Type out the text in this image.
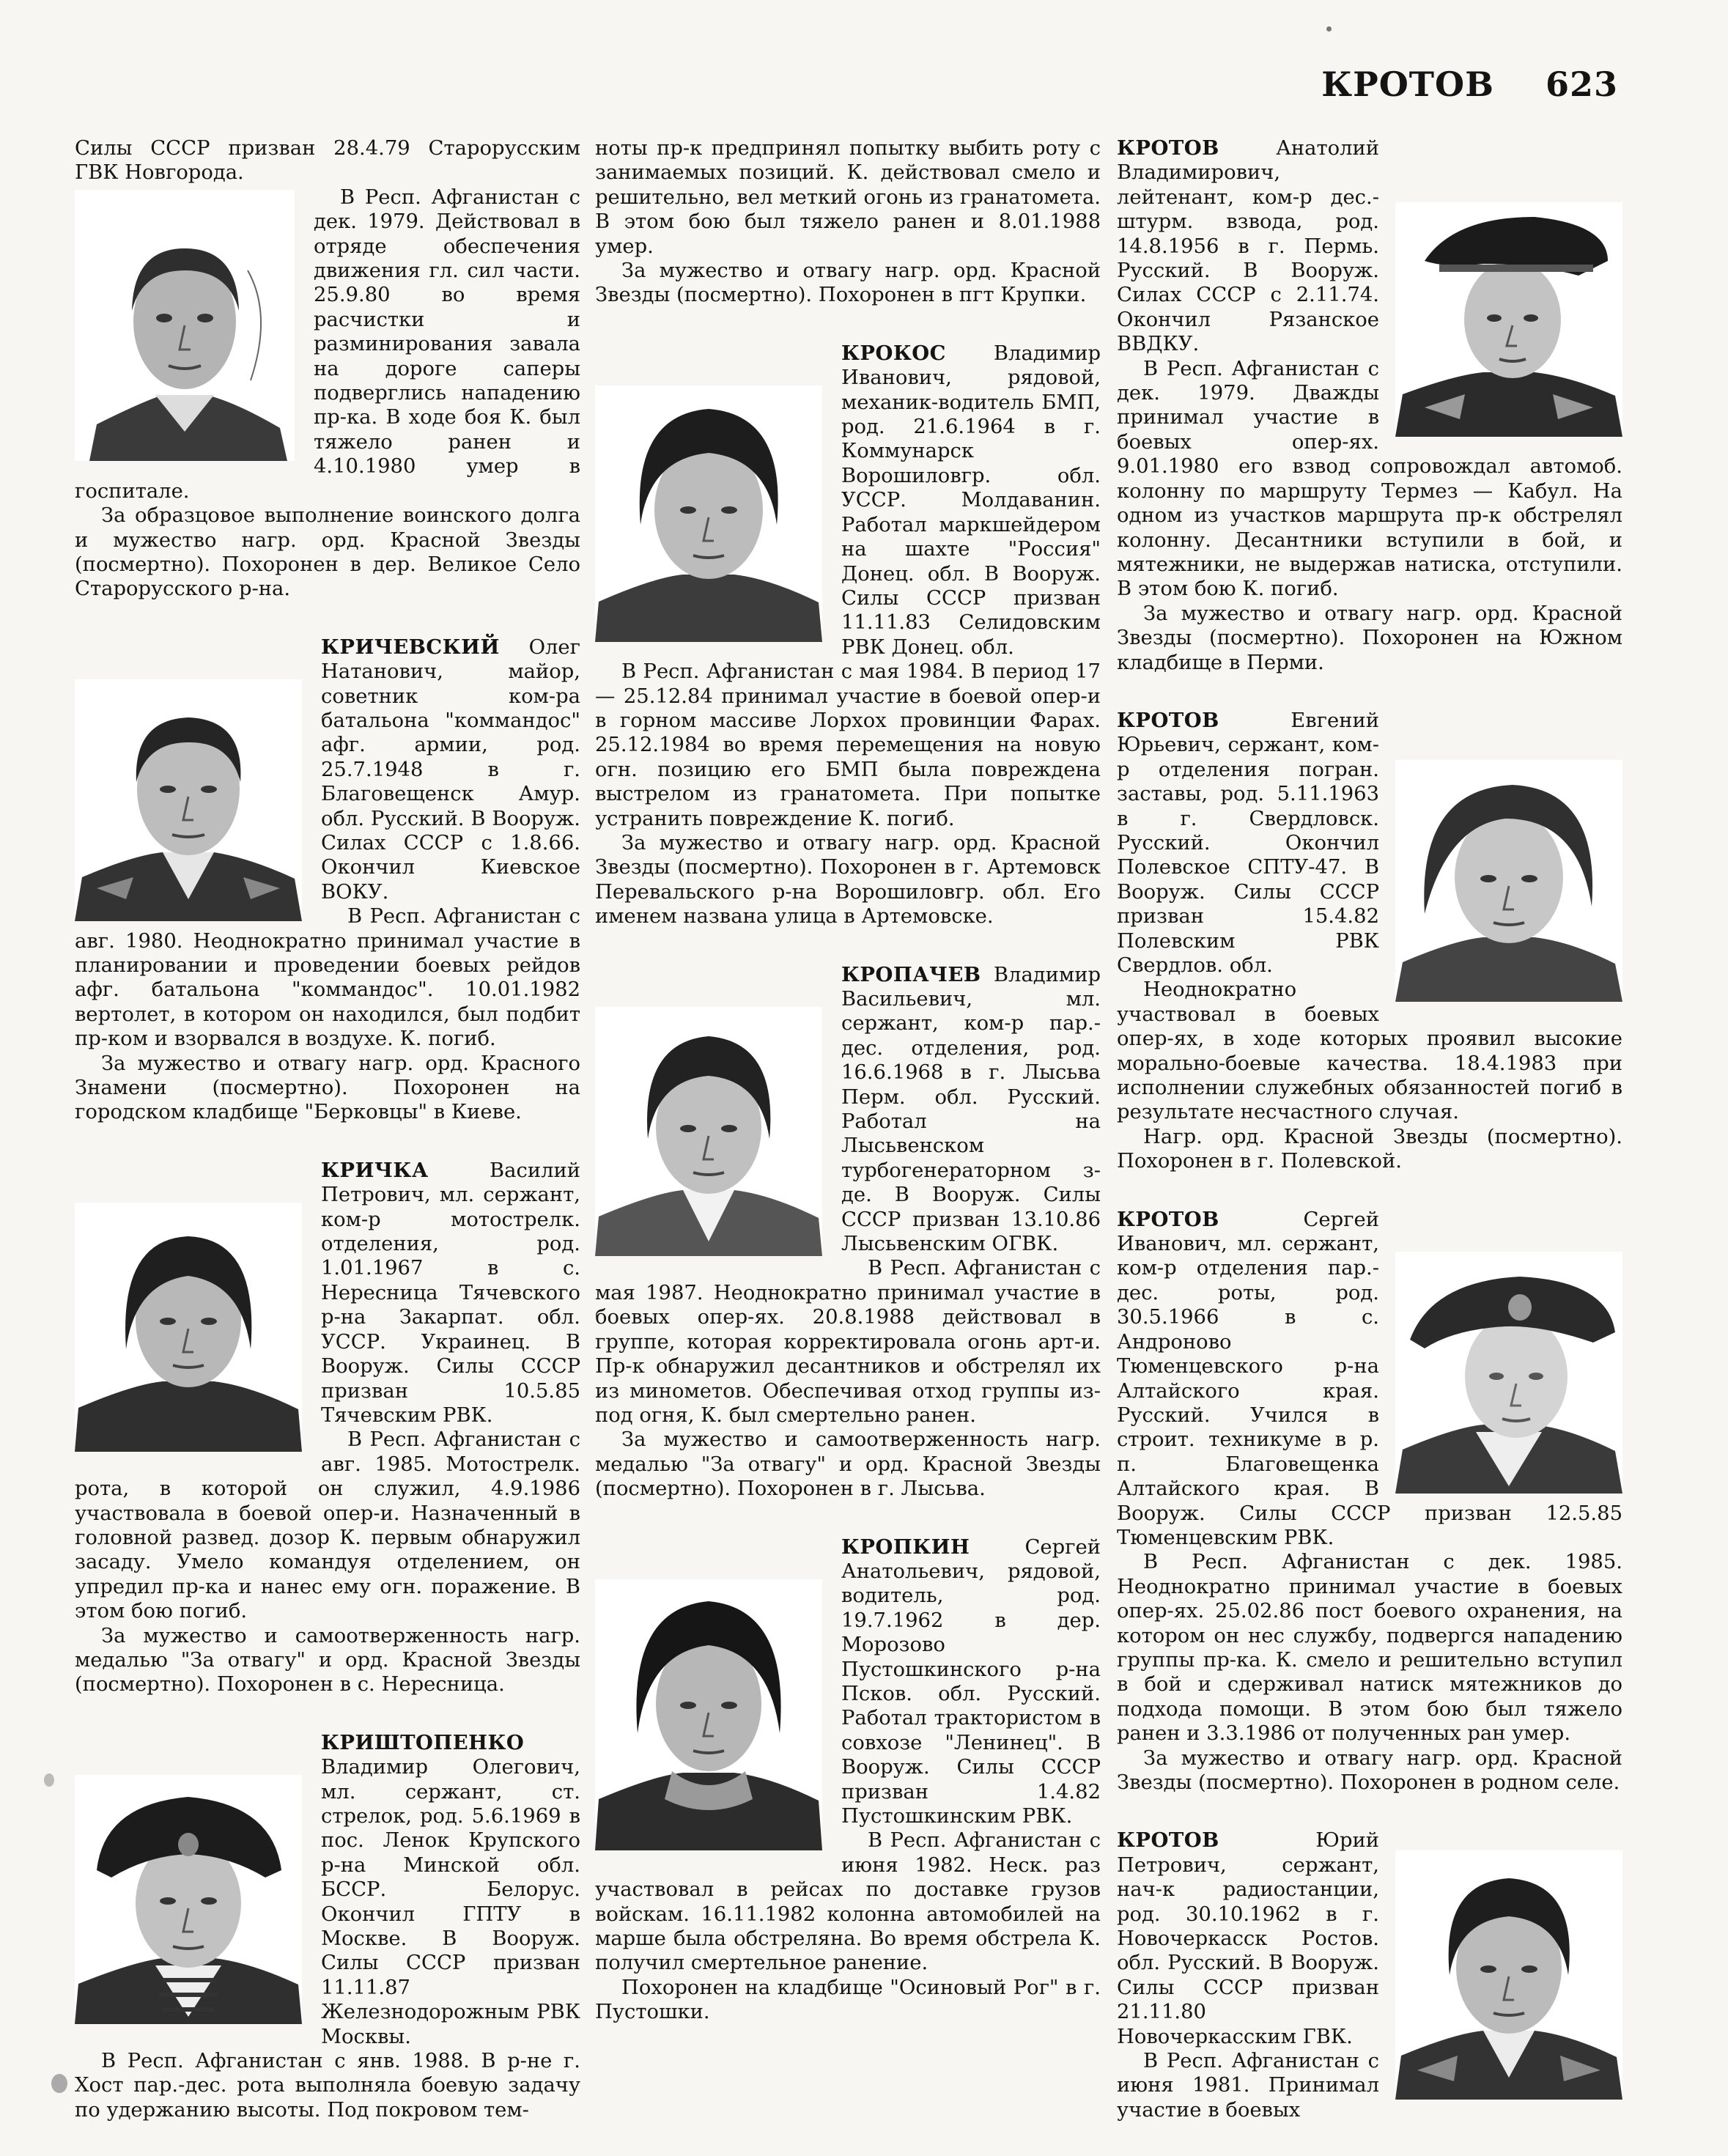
КРОТОВ 623

Силы СССР призван 28.4.79 Старорусским ГВК Новгорода.

В Респ. Афганистан с дек. 1979. Действовал в отряде обеспечения движения гл. сил части. 25.9.80 во время расчистки и разминирования завала на дороге саперы подверглись нападению пр-ка. В ходе боя К. был тяжело ранен и 4.10.1980 умер в госпитале.

За образцовое выполнение воинского долга и мужество нагр. орд. Красной Звезды (посмертно). Похоронен в дер. Великое Село Старорусского р-на.

КРИЧЕВСКИЙ Олег Натанович, майор, советник ком-ра батальона "коммандос" афг. армии, род. 25.7.1948 в г. Благовещенск Амур. обл. Русский. В Вооруж. Силах СССР с 1.8.66. Окончил Киевское ВОКУ.

В Респ. Афганистан с авг. 1980. Неоднократно принимал участие в планировании и проведении боевых рейдов афг. батальона "коммандос". 10.01.1982 вертолет, в котором он находился, был подбит пр-ком и взорвался в воздухе. К. погиб.

За мужество и отвагу нагр. орд. Красного Знамени (посмертно). Похоронен на городском кладбище "Берковцы" в Киеве.

КРИЧКА Василий Петрович, мл. сержант, ком-р мотострелк. отделения, род. 1.01.1967 в с. Нересница Тячевского р-на Закарпат. обл. УССР. Украинец. В Вооруж. Силы СССР призван 10.5.85 Тячевским РВК.

В Респ. Афганистан с авг. 1985. Мотострелк. рота, в которой он служил, 4.9.1986 участвовала в боевой опер-и. Назначенный в головной развед. дозор К. первым обнаружил засаду. Умело командуя отделением, он упредил пр-ка и нанес ему огн. поражение. В этом бою погиб.

За мужество и самоотверженность нагр. медалью "За отвагу" и орд. Красной Звезды (посмертно). Похоронен в с. Нересница.

КРИШТОПЕНКО Владимир Олегович, мл. сержант, ст. стрелок, род. 5.6.1969 в пос. Ленок Крупского р-на Минской обл. БССР. Белорус. Окончил ГПТУ в Москве. В Вооруж. Силы СССР призван 11.11.87 Железнодорожным РВК Москвы.

В Респ. Афганистан с янв. 1988. В р-не г. Хост пар.-дес. рота выполняла боевую задачу по удержанию высоты. Под покровом тем-

ноты пр-к предпринял попытку выбить роту с занимаемых позиций. К. действовал смело и решительно, вел меткий огонь из гранатомета. В этом бою был тяжело ранен и 8.01.1988 умер.

За мужество и отвагу нагр. орд. Красной Звезды (посмертно). Похоронен в пгт Крупки.

КРОКОС Владимир Иванович, рядовой, механик-водитель БМП, род. 21.6.1964 в г. Коммунарск Ворошиловгр. обл. УССР. Молдаванин. Работал маркшейдером на шахте "Россия" Донец. обл. В Вооруж. Силы СССР призван 11.11.83 Селидовским РВК Донец. обл.

В Респ. Афганистан с мая 1984. В период 17 — 25.12.84 принимал участие в боевой опер-и в горном массиве Лорхох провинции Фарах. 25.12.1984 во время перемещения на новую огн. позицию его БМП была повреждена выстрелом из гранатомета. При попытке устранить повреждение К. погиб.

За мужество и отвагу нагр. орд. Красной Звезды (посмертно). Похоронен в г. Артемовск Перевальского р-на Ворошиловгр. обл. Его именем названа улица в Артемовске.

КРОПАЧЕВ Владимир Васильевич, мл. сержант, ком-р пар.-дес. отделения, род. 16.6.1968 в г. Лысьва Перм. обл. Русский. Работал на Лысьвенском турбогенераторном з-де. В Вооруж. Силы СССР призван 13.10.86 Лысьвенским ОГВК.

В Респ. Афганистан с мая 1987. Неоднократно принимал участие в боевых опер-ях. 20.8.1988 действовал в группе, которая корректировала огонь арт-и. Пр-к обнаружил десантников и обстрелял их из минометов. Обеспечивая отход группы из-под огня, К. был смертельно ранен.

За мужество и самоотверженность нагр. медалью "За отвагу" и орд. Красной Звезды (посмертно). Похоронен в г. Лысьва.

КРОПКИН Сергей Анатольевич, рядовой, водитель, род. 19.7.1962 в дер. Морозово Пустошкинского р-на Псков. обл. Русский. Работал трактористом в совхозе "Ленинец". В Вооруж. Силы СССР призван 1.4.82 Пустошкинским РВК.

В Респ. Афганистан с июня 1982. Неск. раз участвовал в рейсах по доставке грузов войскам. 16.11.1982 колонна автомобилей на марше была обстреляна. Во время обстрела К. получил смертельное ранение.

Похоронен на кладбище "Осиновый Рог" в г. Пустошки.

КРОТОВ Анатолий Владимирович, лейтенант, ком-р дес.-штурм. взвода, род. 14.8.1956 в г. Пермь. Русский. В Вооруж. Силах СССР с 2.11.74. Окончил Рязанское ВВДКУ.

В Респ. Афганистан с дек. 1979. Дважды принимал участие в боевых опер-ях. 9.01.1980 его взвод сопровождал автомоб. колонну по маршруту Термез — Кабул. На одном из участков маршрута пр-к обстрелял колонну. Десантники вступили в бой, и мятежники, не выдержав натиска, отступили. В этом бою К. погиб.

За мужество и отвагу нагр. орд. Красной Звезды (посмертно). Похоронен на Южном кладбище в Перми.

КРОТОВ Евгений Юрьевич, сержант, ком-р отделения погран. заставы, род. 5.11.1963 в г. Свердловск. Русский. Окончил Полевское СПТУ-47. В Вооруж. Силы СССР призван 15.4.82 Полевским РВК Свердлов. обл.

Неоднократно участвовал в боевых опер-ях, в ходе которых проявил высокие морально-боевые качества. 18.4.1983 при исполнении служебных обязанностей погиб в результате несчастного случая.

Нагр. орд. Красной Звезды (посмертно). Похоронен в г. Полевской.

КРОТОВ Сергей Иванович, мл. сержант, ком-р отделения пар.-дес. роты, род. 30.5.1966 в с. Андроново Тюменцевского р-на Алтайского края. Русский. Учился в строит. техникуме в р. п. Благовещенка Алтайского края. В Вооруж. Силы СССР призван 12.5.85 Тюменцевским РВК.

В Респ. Афганистан с дек. 1985. Неоднократно принимал участие в боевых опер-ях. 25.02.86 пост боевого охранения, на котором он нес службу, подвергся нападению группы пр-ка. К. смело и решительно вступил в бой и сдерживал натиск мятежников до подхода помощи. В этом бою был тяжело ранен и 3.3.1986 от полученных ран умер.

За мужество и отвагу нагр. орд. Красной Звезды (посмертно). Похоронен в родном селе.

КРОТОВ Юрий Петрович, сержант, нач-к радиостанции, род. 30.10.1962 в г. Новочеркасск Ростов. обл. Русский. В Вооруж. Силы СССР призван 21.11.80 Новочеркасским ГВК.

В Респ. Афганистан с июня 1981. Принимал участие в боевых
